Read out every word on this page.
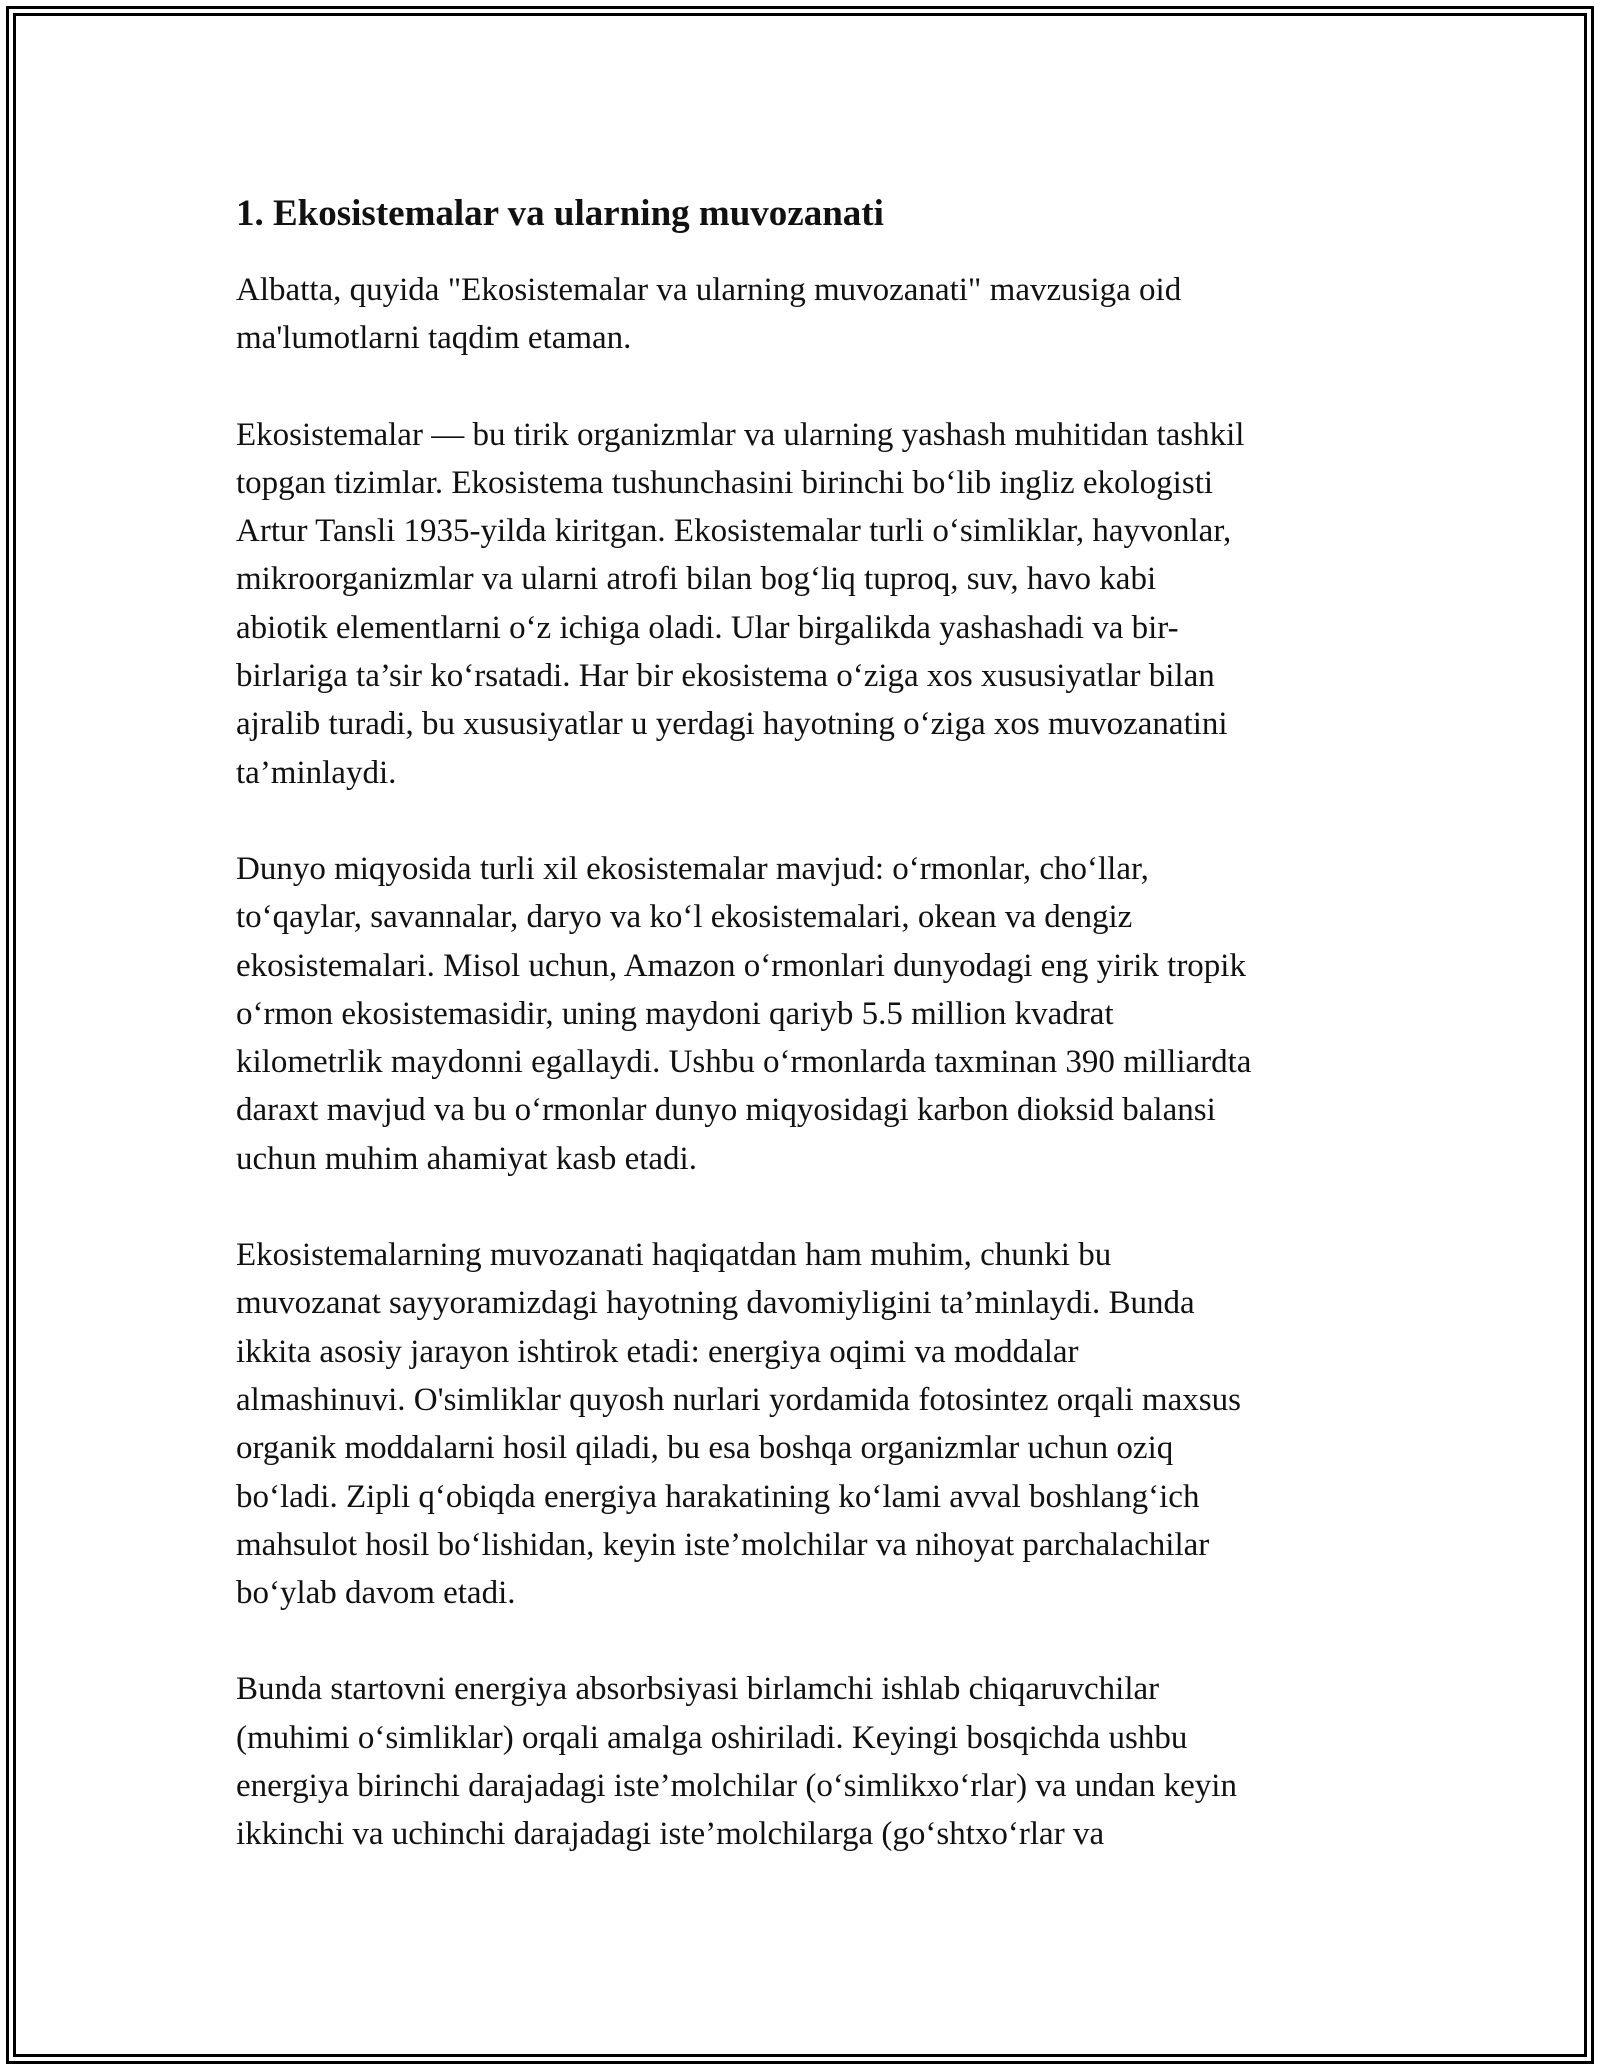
1. Ekosistemalar va ularning muvozanati

Albatta, quyida "Ekosistemalar va ularning muvozanati" mavzusiga oid
ma'lumotlarni taqdim etaman.

Ekosistemalar — bu tirik organizmlar va ularning yashash muhitidan tashkil
topgan tizimlar. Ekosistema tushunchasini birinchi boʻlib ingliz ekologisti
Artur Tansli 1935-yilda kiritgan. Ekosistemalar turli oʻsimliklar, hayvonlar,
mikroorganizmlar va ularni atrofi bilan bogʻliq tuproq, suv, havo kabi
abiotik elementlarni oʻz ichiga oladi. Ular birgalikda yashashadi va bir-
birlariga ta’sir koʻrsatadi. Har bir ekosistema oʻziga xos xususiyatlar bilan
ajralib turadi, bu xususiyatlar u yerdagi hayotning oʻziga xos muvozanatini
ta’minlaydi.

Dunyo miqyosida turli xil ekosistemalar mavjud: oʻrmonlar, choʻllar,
toʻqaylar, savannalar, daryo va koʻl ekosistemalari, okean va dengiz
ekosistemalari. Misol uchun, Amazon oʻrmonlari dunyodagi eng yirik tropik
oʻrmon ekosistemasidir, uning maydoni qariyb 5.5 million kvadrat
kilometrlik maydonni egallaydi. Ushbu oʻrmonlarda taxminan 390 milliardta
daraxt mavjud va bu oʻrmonlar dunyo miqyosidagi karbon dioksid balansi
uchun muhim ahamiyat kasb etadi.

Ekosistemalarning muvozanati haqiqatdan ham muhim, chunki bu
muvozanat sayyoramizdagi hayotning davomiyligini ta’minlaydi. Bunda
ikkita asosiy jarayon ishtirok etadi: energiya oqimi va moddalar
almashinuvi. O'simliklar quyosh nurlari yordamida fotosintez orqali maxsus
organik moddalarni hosil qiladi, bu esa boshqa organizmlar uchun oziq
boʻladi. Zipli qʻobiqda energiya harakatining koʻlami avval boshlangʻich
mahsulot hosil boʻlishidan, keyin iste’molchilar va nihoyat parchalachilar
boʻylab davom etadi.

Bunda startovni energiya absorbsiyasi birlamchi ishlab chiqaruvchilar
(muhimi oʻsimliklar) orqali amalga oshiriladi. Keyingi bosqichda ushbu
energiya birinchi darajadagi iste’molchilar (oʻsimlikxoʻrlar) va undan keyin
ikkinchi va uchinchi darajadagi iste’molchilarga (goʻshtxoʻrlar va
